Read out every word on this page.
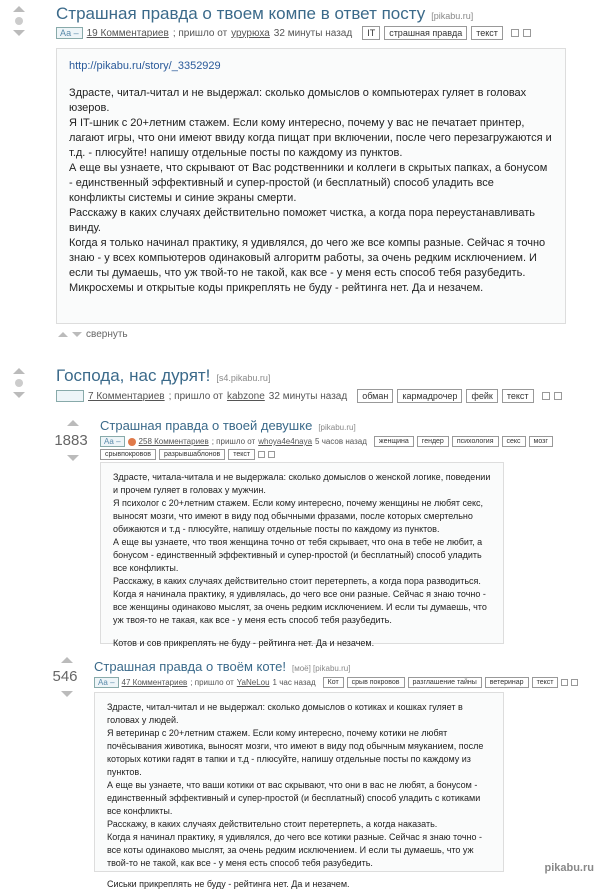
Страшная правда о твоем компе в ответ посту [pikabu.ru]
Аа – 19 Комментариев ; пришло от урурюха 32 минуты назад	IT	страшная правда	текст

http://pikabu.ru/story/_3352929

Здрасте, читал-читал и не выдержал: сколько домыслов о компьютерах гуляет в головах юзеров.

Я IT-шник с 20+летним стажем. Если кому интересно, почему у вас не печатает принтер, лагают игры, что они имеют ввиду когда пищат при включении, после чего перезагружаются и т.д. - плюсуйте! напишу отдельные посты по каждому из пунктов.

А еще вы узнаете, что скрывают от Вас родственники и коллеги в скрытых папках, а бонусом - единственный эффективный и супер-простой (и бесплатный) способ уладить все конфликты системы и синие экраны смерти.

Расскажу в каких случаях действительно поможет чистка, а когда пора переустанавливать винду.

Когда я только начинал практику, я удивлялся, до чего же все компы разные. Сейчас я точно знаю - у всех компьютеров одинаковый алгоритм работы, за очень редким исключением. И если ты думаешь, что уж твой-то не такой, как все - у меня есть способ тебя разубедить. Микросхемы и открытые коды прикреплять не буду - рейтинга нет. Да и незачем.

свернуть
Господа, нас дурят! [s4.pikabu.ru]
7 Комментариев ; пришло от kabzone 32 минуты назад	обман	кармадрочер	фейк	текст
1883
Страшная правда о твоей девушке [pikabu.ru]
Аа –	258 Комментариев ; пришло от whoya4e4naya 5 часов назад	женщина	гендер	психология	секс	мозг
срывпокровов	разрывшаблонов	текст

Здрасте, читала-читала и не выдержала: сколько домыслов о женской логике, поведении и прочем гуляет в головах у мужчин.

Я психолог с 20+летним стажем. Если кому интересно, почему женщины не любят секс, выносят мозги, что имеют в виду под обычными фразами, после которых смертельно обижаются и т.д - плюсуйте, напишу отдельные посты по каждому из пунктов.

А еще вы узнаете, что твоя женщина точно от тебя скрывает, что она в тебе не любит, а бонусом - единственный эффективный и супер-простой (и бесплатный) способ уладить все конфликты.

Расскажу, в каких случаях действительно стоит перетерпеть, а когда пора разводиться.

Когда я начинала практику, я удивлялась, до чего все они разные. Сейчас я знаю точно - все женщины одинаково мыслят, за очень редким исключением. И если ты думаешь, что уж твоя-то не такая, как все - у меня есть способ тебя разубедить.

Котов и сов прикреплять не буду - рейтинга нет. Да и незачем.

546
Страшная правда о твоём коте! [моё] [pikabu.ru]
Аа – 47 Комментариев ; пришло от YaNeLou 1 час назад	Кот	срыв покровов	разглашение тайны	ветеринар	текст

Здрасте, читал-читал и не выдержал: сколько домыслов о котиках и кошках гуляет в головах у людей.

Я ветеринар с 20+летним стажем. Если кому интересно, почему котики не любят почёсывания животика, выносят мозги, что имеют в виду под обычным мяуканием, после которых котики гадят в тапки и т.д - плюсуйте, напишу отдельные посты по каждому из пунктов.

А еще вы узнаете, что ваши котики от вас скрывают, что они в вас не любят, а бонусом - единственный эффективный и супер-простой (и бесплатный) способ уладить с котиками все конфликты.

Расскажу, в каких случаях действительно стоит перетерпеть, а когда наказать.

Когда я начинал практику, я удивлялся, до чего все котики разные. Сейчас я знаю точно - все коты одинаково мыслят, за очень редким исключением. И если ты думаешь, что уж твой-то не такой, как все - у меня есть способ тебя разубедить.

Сиськи прикреплять не буду - рейтинга нет. Да и незачем.

pikabu.ru
